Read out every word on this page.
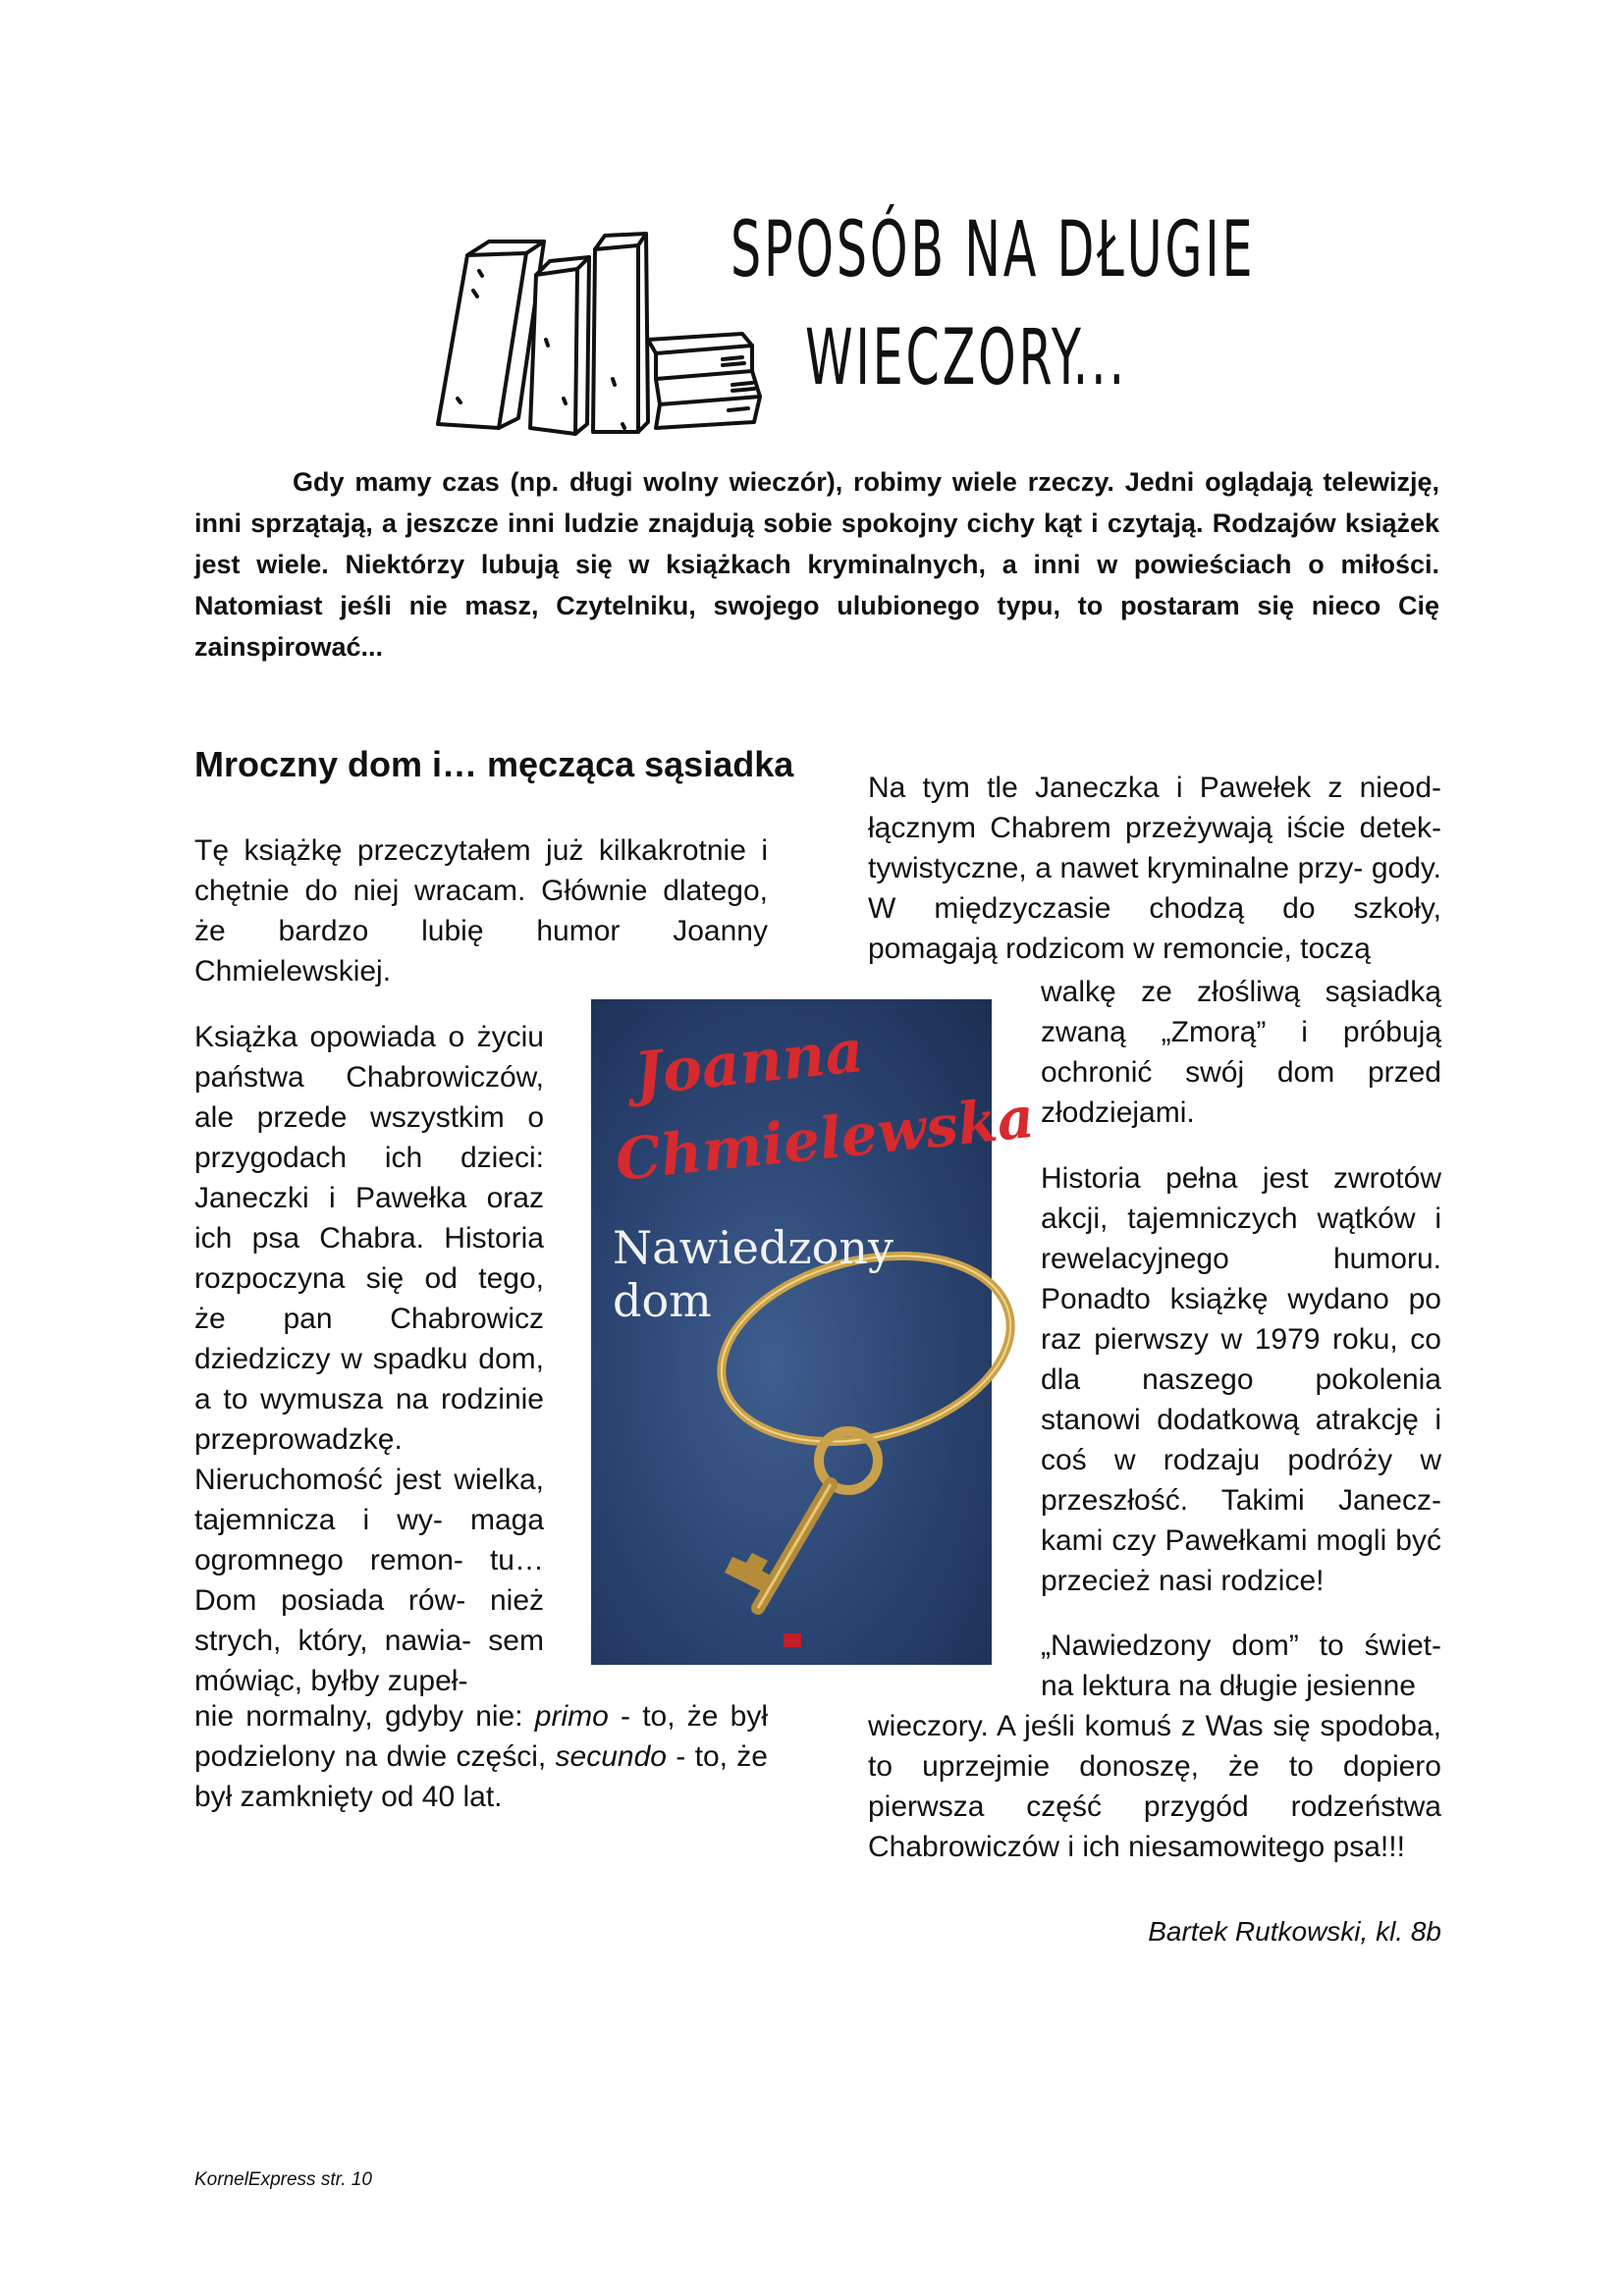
SPOSÓB NA DŁUGIE
WIECZORY...

Gdy mamy czas (np. długi wolny wieczór), robimy wiele rzeczy. Jedni oglądają telewizję, inni sprzątają, a jeszcze inni ludzie znajdują sobie spokojny cichy kąt i czytają. Rodzajów książek jest wiele. Niektórzy lubują się w książkach kryminalnych, a inni w powieściach o miłości. Natomiast jeśli nie masz, Czytelniku, swojego ulubionego typu, to postaram się nieco Cię zainspirować...

Mroczny dom i… męcząca sąsiadka

Tę książkę przeczytałem już kilkakrotnie i chętnie do niej wracam. Głównie dlatego, że bardzo lubię humor Joanny Chmielewskiej.

Książka opowiada o życiu państwa Chabrowiczów, ale przede wszystkim o przygodach ich dzieci: Janeczki i Pawełka oraz ich psa Chabra. Historia rozpoczyna się od tego, że pan Chabrowicz dziedziczy w spadku dom, a to wymusza na rodzinie przeprowadzkę. Nieruchomość jest wielka, tajemnicza i wy- maga ogromnego remon- tu… Dom posiada rów- nież strych, który, nawia- sem mówiąc, byłby zupeł-

nie normalny, gdyby nie: primo - to, że był podzielony na dwie części, secundo - to, że był zamknięty od 40 lat.

Na tym tle Janeczka i Pawełek z nieod- łącznym Chabrem przeżywają iście detek- tywistyczne, a nawet kryminalne przy- gody. W międzyczasie chodzą do szkoły, pomagają rodzicom w remoncie, toczą

walkę ze złośliwą sąsiadką zwaną „Zmorą” i próbują ochronić swój dom przed złodziejami.

Historia pełna jest zwrotów akcji, tajemniczych wątków i rewelacyjnego humoru. Ponadto książkę wydano po raz pierwszy w 1979 roku, co dla naszego pokolenia stanowi dodatkową atrakcję i coś w rodzaju podróży w przeszłość. Takimi Janecz- kami czy Pawełkami mogli być przecież nasi rodzice!

„Nawiedzony dom” to świet- na lektura na długie jesienne

wieczory. A jeśli komuś z Was się spodoba, to uprzejmie donoszę, że to dopiero pierwsza część przygód rodzeństwa Chabrowiczów i ich niesamowitego psa!!!

Joanna
Chmielewska
Nawiedzony
dom
Bartek Rutkowski, kl. 8b
KornelExpress str. 10
